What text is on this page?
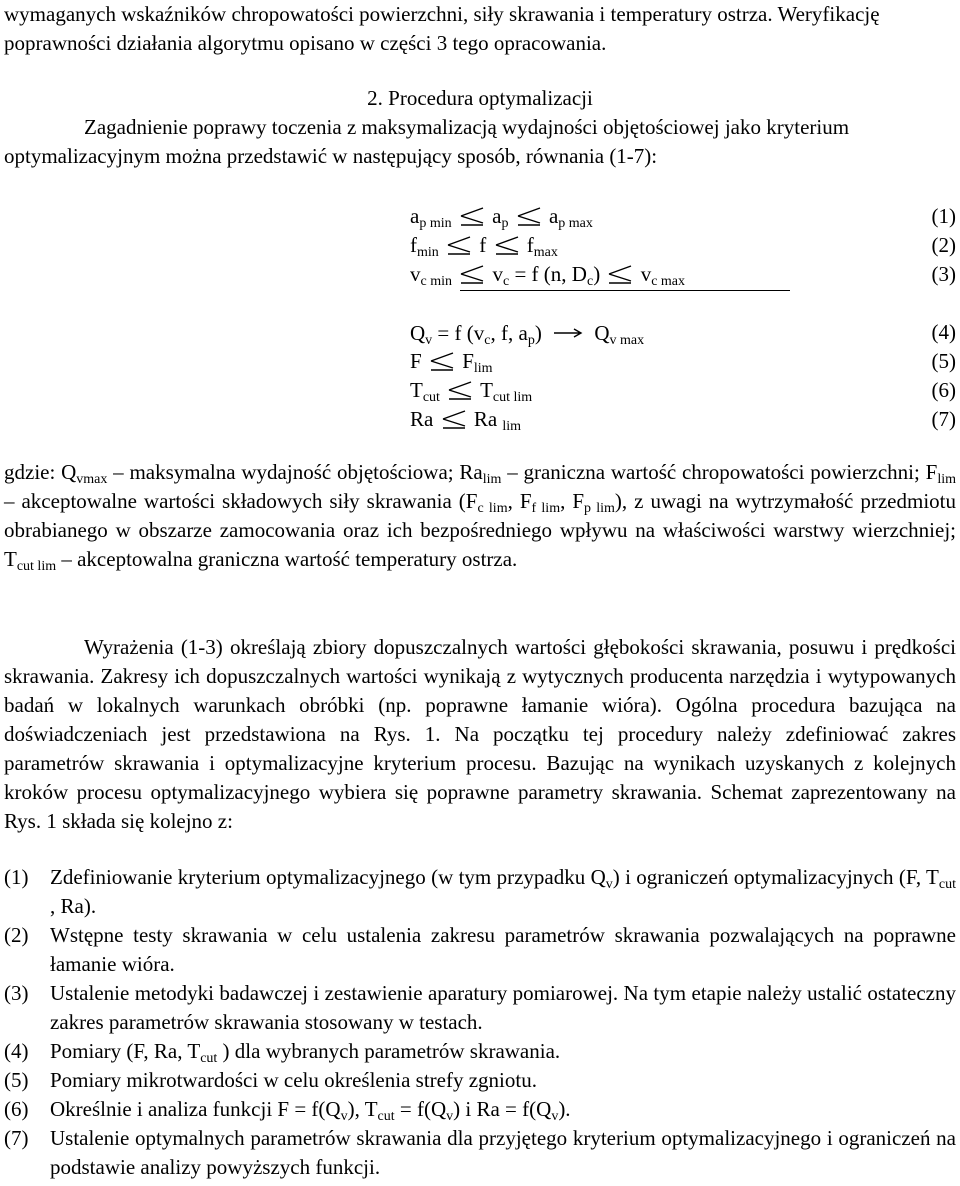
wymaganych wskaźników chropowatości powierzchni, siły skrawania i temperatury ostrza. Weryfikację poprawności działania algorytmu opisano w części 3 tego opracowania.

2. Procedura optymalizacji

Zagadnienie poprawy toczenia z maksymalizacją wydajności objętościowej jako kryterium optymalizacyjnym można przedstawić w następujący sposób, równania (1-7):

$a_{p min}$ $a_p$ $a_{p max}$	(1)
$f_{min}$ f $f_{max}$	(2)
$v_{c min}$ $v_c = f$ (n, $D_c$) $v_{c max}$	(3)
$Q_v = f$ ($v_c$, f, $a_p$)	$Q_{v max}$	(4)
F $F_{lim}$	(5)
$T_{cut}$ $T_{cut lim}$	(6)
Ra Ra $_{lim}$	(7)

gdzie: $Q_{vmax}$ – maksymalna wydajność objętościowa; $Ra_{lim}$ – graniczna wartość chropowatości powierzchni; $F_{lim}$ – akceptowalne wartości składowych siły skrawania ($F_{c lim}$, $F_{f lim}$, $F_{p lim}$), z uwagi na wytrzymałość przedmiotu obrabianego w obszarze zamocowania oraz ich bezpośredniego wpływu na właściwości warstwy wierzchniej; $T_{cut lim}$ – akceptowalna graniczna wartość temperatury ostrza.

Wyrażenia (1-3) określają zbiory dopuszczalnych wartości głębokości skrawania, posuwu i prędkości skrawania. Zakresy ich dopuszczalnych wartości wynikają z wytycznych producenta narzędzia i wytypowanych badań w lokalnych warunkach obróbki (np. poprawne łamanie wióra). Ogólna procedura bazująca na doświadczeniach jest przedstawiona na Rys. 1. Na początku tej procedury należy zdefiniować zakres parametrów skrawania i optymalizacyjne kryterium procesu. Bazując na wynikach uzyskanych z kolejnych kroków procesu optymalizacyjnego wybiera się poprawne parametry skrawania. Schemat zaprezentowany na Rys. 1 składa się kolejno z:

(1) Zdefiniowanie kryterium optymalizacyjnego (w tym przypadku $Q_v$) i ograniczeń optymalizacyjnych (F, $T_{cut}$ , Ra).
(2) Wstępne testy skrawania w celu ustalenia zakresu parametrów skrawania pozwalających na poprawne łamanie wióra.
(3) Ustalenie metodyki badawczej i zestawienie aparatury pomiarowej. Na tym etapie należy ustalić ostateczny zakres parametrów skrawania stosowany w testach.
(4) Pomiary (F, Ra, $T_{cut}$ ) dla wybranych parametrów skrawania.
(5) Pomiary mikrotwardości w celu określenia strefy zgniotu.
(6) Określnie i analiza funkcji $F = f(Q_v)$, $T_{cut} = f(Q_v)$ i $Ra = f(Q_v)$.
(7) Ustalenie optymalnych parametrów skrawania dla przyjętego kryterium optymalizacyjnego i ograniczeń na podstawie analizy powyższych funkcji.
